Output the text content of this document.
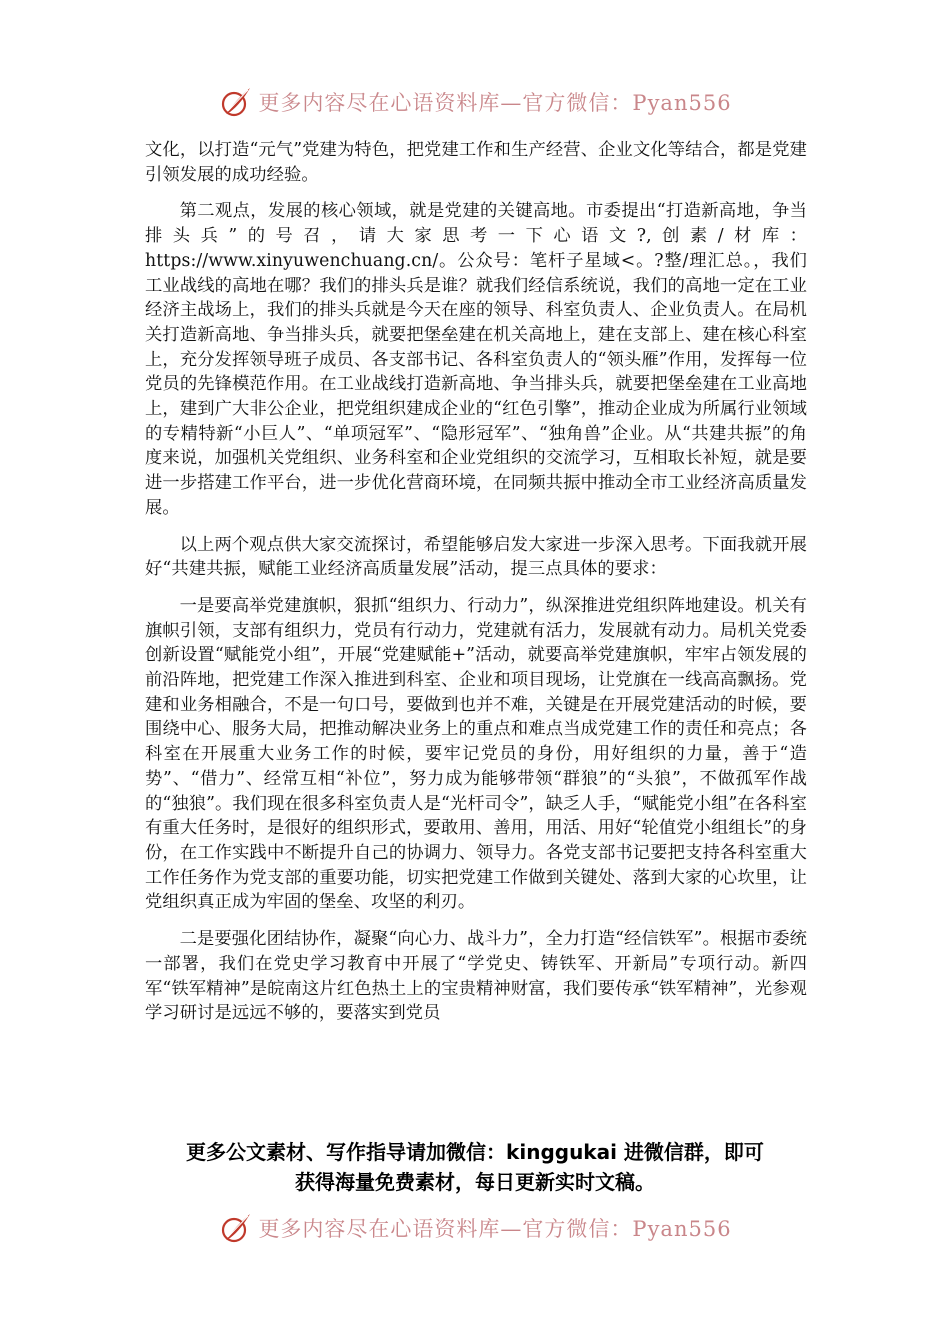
更多内容尽在心语资料库—官方微信：Pyan556

文化，以打造“元气”党建为特色，把党建工作和生产经营、企业文化等结合，都是党建引领发展的成功经验。

第二观点，发展的核心领域，就是党建的关键高地。市委提出“打造新高地，争当排头兵”的号召，请大家思考一下心语文?,创素/材库：https://www.xinyuwenchuang.cn/。公众号：笔杆子星域<。?整/理汇总。，我们工业战线的高地在哪？我们的排头兵是谁？就我们经信系统说，我们的高地一定在工业经济主战场上，我们的排头兵就是今天在座的领导、科室负责人、企业负责人。在局机关打造新高地、争当排头兵，就要把堡垒建在机关高地上，建在支部上、建在核心科室上，充分发挥领导班子成员、各支部书记、各科室负责人的“领头雁”作用，发挥每一位党员的先锋模范作用。在工业战线打造新高地、争当排头兵，就要把堡垒建在工业高地上，建到广大非公企业，把党组织建成企业的“红色引擎”，推动企业成为所属行业领域的专精特新“小巨人”、“单项冠军”、“隐形冠军”、“独角兽”企业。从“共建共振”的角度来说，加强机关党组织、业务科室和企业党组织的交流学习，互相取长补短，就是要进一步搭建工作平台，进一步优化营商环境，在同频共振中推动全市工业经济高质量发展。

以上两个观点供大家交流探讨，希望能够启发大家进一步深入思考。下面我就开展好“共建共振，赋能工业经济高质量发展”活动，提三点具体的要求：

一是要高举党建旗帜，狠抓“组织力、行动力”，纵深推进党组织阵地建设。机关有旗帜引领，支部有组织力，党员有行动力，党建就有活力，发展就有动力。局机关党委创新设置“赋能党小组”，开展“党建赋能+”活动，就要高举党建旗帜，牢牢占领发展的前沿阵地，把党建工作深入推进到科室、企业和项目现场，让党旗在一线高高飘扬。党建和业务相融合，不是一句口号，要做到也并不难，关键是在开展党建活动的时候，要围绕中心、服务大局，把推动解决业务上的重点和难点当成党建工作的责任和亮点；各科室在开展重大业务工作的时候，要牢记党员的身份，用好组织的力量，善于“造势”、“借力”、经常互相“补位”，努力成为能够带领“群狼”的“头狼”，不做孤军作战的“独狼”。我们现在很多科室负责人是“光杆司令”，缺乏人手，“赋能党小组”在各科室有重大任务时，是很好的组织形式，要敢用、善用，用活、用好“轮值党小组组长”的身份，在工作实践中不断提升自己的协调力、领导力。各党支部书记要把支持各科室重大工作任务作为党支部的重要功能，切实把党建工作做到关键处、落到大家的心坎里，让党组织真正成为牢固的堡垒、攻坚的利刃。

二是要强化团结协作，凝聚“向心力、战斗力”，全力打造“经信铁军”。根据市委统一部署，我们在党史学习教育中开展了“学党史、铸铁军、开新局”专项行动。新四军“铁军精神”是皖南这片红色热土上的宝贵精神财富，我们要传承“铁军精神”，光参观学习研讨是远远不够的，要落实到党员

更多公文素材、写作指导请加微信：kinggukai 进微信群，即可
获得海量免费素材，每日更新实时文稿。
更多内容尽在心语资料库—官方微信：Pyan556
